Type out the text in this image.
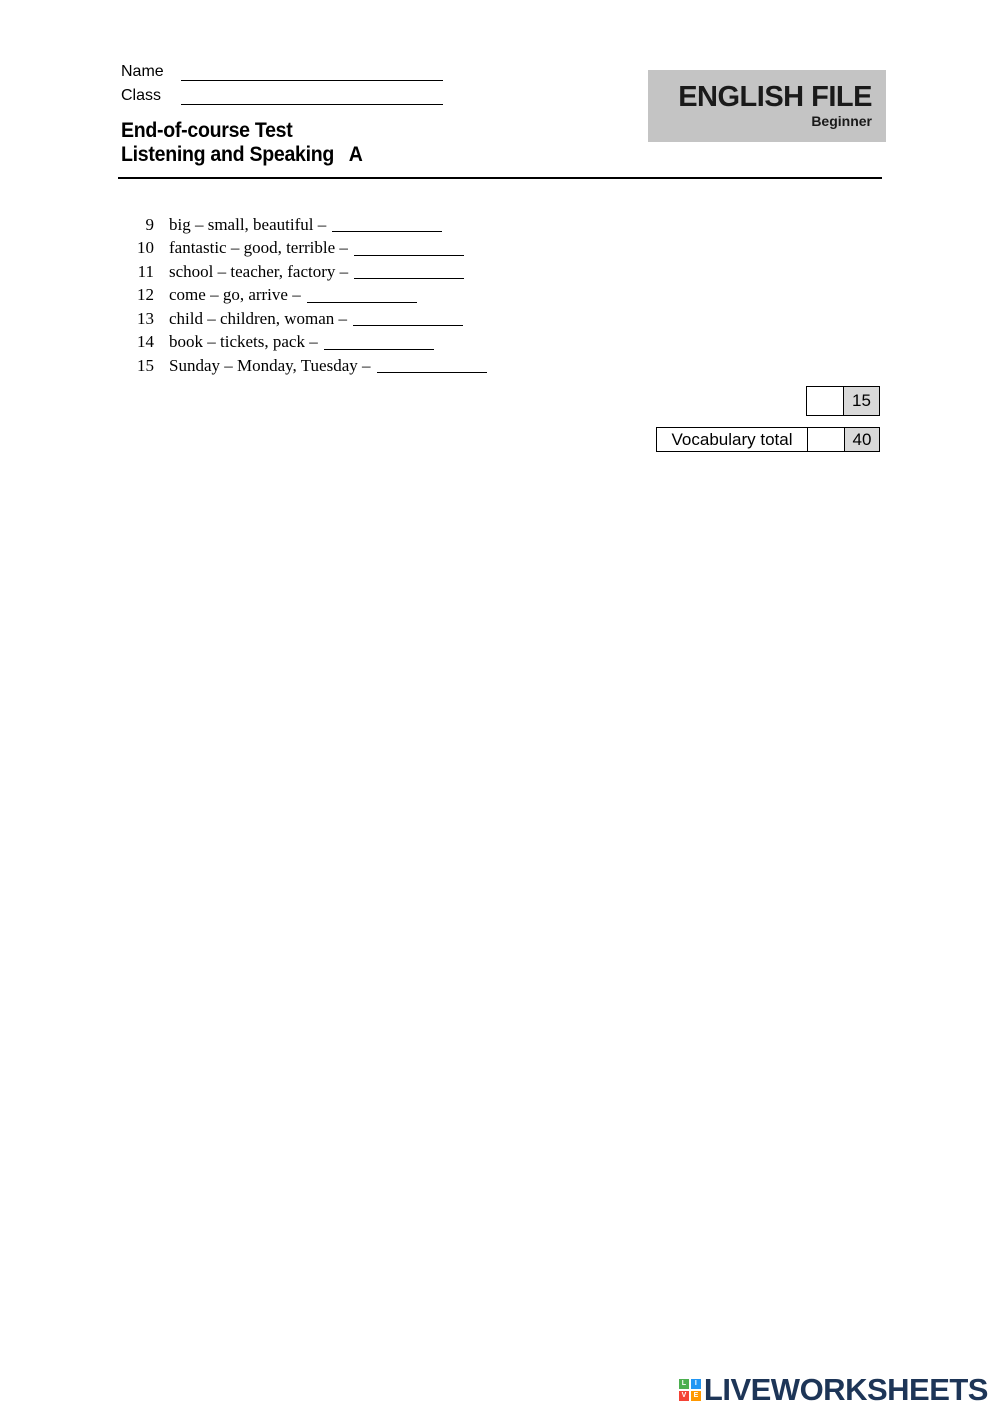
Name
Class
End-of-course Test
Listening and Speaking   A
ENGLISH FILE
Beginner
9 big – small, beautiful –
10 fantastic – good, terrible –
11 school – teacher, factory –
12 come – go, arrive –
13 child – children, woman –
14 book – tickets, pack –
15 Sunday – Monday, Tuesday –
15
Vocabulary total	40
L	I
V	E LIVEWORKSHEETS
